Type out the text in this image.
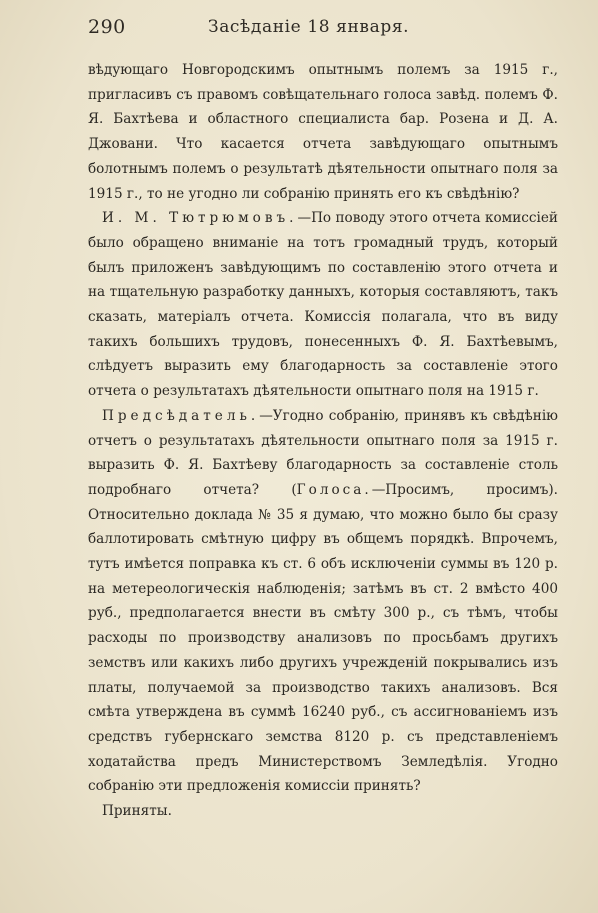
290	Засѣданіе 18 января.

вѣдующаго Новгородскимъ опытнымъ полемъ за 1915 г., пригласивъ съ правомъ совѣщательнаго голоса завѣд. полемъ Ф. Я. Бахтѣева и областного специалиста бар. Розена и Д. А. Джовани. Что касается отчета завѣдующаго опытнымъ болотнымъ полемъ о результатѣ дѣятельности опытнаго поля за 1915 г., то не угодно ли собранію принять его къ свѣдѣнію?

И. М. Тютрюмовъ.—По поводу этого отчета комиссіей было обращено вниманіе на тотъ громадный трудъ, который былъ приложенъ завѣдующимъ по составленію этого отчета и на тщательную разработку данныхъ, которыя составляютъ, такъ сказать, матеріалъ отчета. Комиссія полагала, что въ виду такихъ большихъ трудовъ, понесенныхъ Ф. Я. Бахтѣевымъ, слѣдуетъ выразить ему благодарность за составленіе этого отчета о результатахъ дѣятельности опытнаго поля на 1915 г.

Предсѣдатель.—Угодно собранію, принявъ къ свѣдѣнію отчетъ о результатахъ дѣятельности опытнаго поля за 1915 г. выразить Ф. Я. Бахтѣеву благодарность за составленіе столь подробнаго отчета? (Голоса.—Просимъ, просимъ). Относительно доклада № 35 я думаю, что можно было бы сразу баллотировать смѣтную цифру въ общемъ порядкѣ. Впрочемъ, тутъ имѣется поправка къ ст. 6 объ исключеніи суммы въ 120 р. на метереологическія наблюденія; затѣмъ въ ст. 2 вмѣсто 400 руб., предполагается внести въ смѣту 300 р., съ тѣмъ, чтобы расходы по производству анализовъ по просьбамъ другихъ земствъ или какихъ либо другихъ учрежденій покрывались изъ платы, получаемой за производство такихъ анализовъ. Вся смѣта утверждена въ суммѣ 16240 руб., съ ассигнованіемъ изъ средствъ губернскаго земства 8120 р. съ представленіемъ ходатайства предъ Министерствомъ Земледѣлія. Угодно собранію эти предложенія комиссіи принять?

Приняты.
